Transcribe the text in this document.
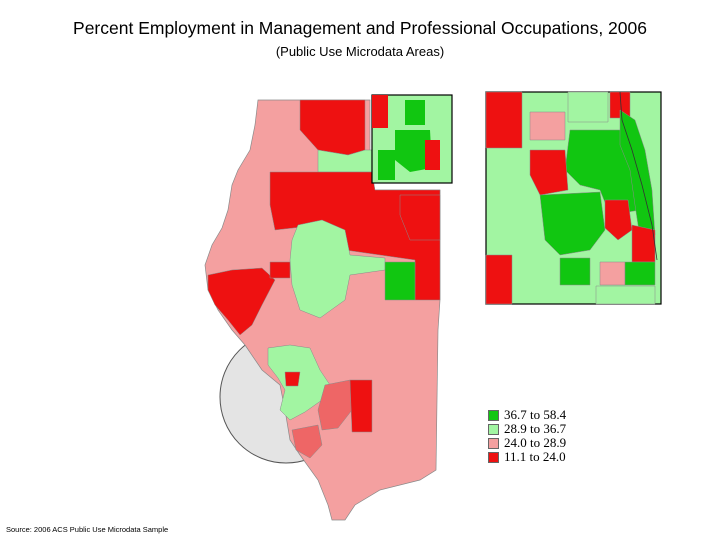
Percent Employment in Management and Professional Occupations, 2006
(Public Use Microdata Areas)
36.7 to 58.4
28.9 to 36.7
24.0 to 28.9
11.1 to 24.0
Source: 2006 ACS Public Use Microdata Sample
